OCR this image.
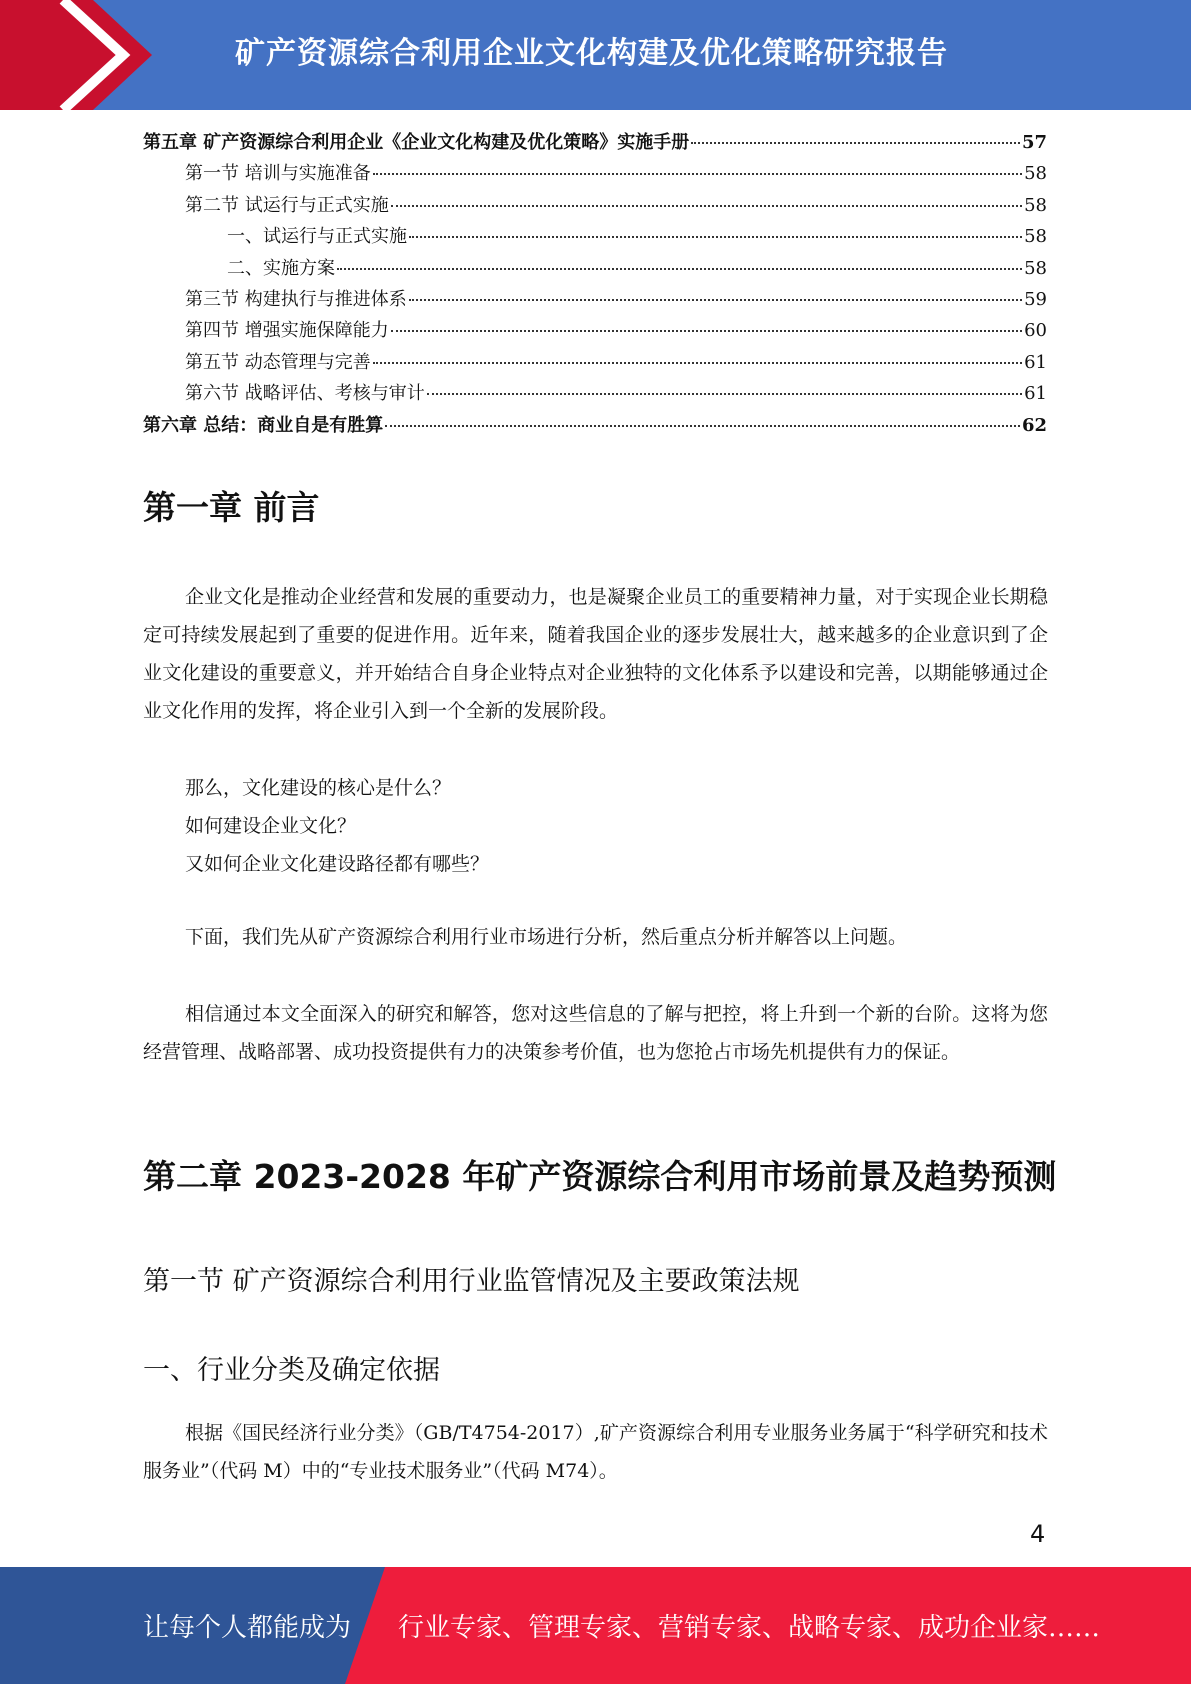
矿产资源综合利用企业文化构建及优化策略研究报告
第五章 矿产资源综合利用企业《企业文化构建及优化策略》实施手册	57
第一节 培训与实施准备	58
第二节 试运行与正式实施	58
一、试运行与正式实施	58
二、实施方案	58
第三节 构建执行与推进体系	59
第四节 增强实施保障能力	60
第五节 动态管理与完善	61
第六节 战略评估、考核与审计	61
第六章 总结：商业自是有胜算	62
第一章 前言

企业文化是推动企业经营和发展的重要动力，也是凝聚企业员工的重要精神力量，对于实现企业长期稳定可持续发展起到了重要的促进作用。近年来，随着我国企业的逐步发展壮大，越来越多的企业意识到了企业文化建设的重要意义，并开始结合自身企业特点对企业独特的文化体系予以建设和完善，以期能够通过企业文化作用的发挥，将企业引入到一个全新的发展阶段。

那么，文化建设的核心是什么？
如何建设企业文化？
又如何企业文化建设路径都有哪些？

下面，我们先从矿产资源综合利用行业市场进行分析，然后重点分析并解答以上问题。

相信通过本文全面深入的研究和解答，您对这些信息的了解与把控，将上升到一个新的台阶。这将为您经营管理、战略部署、成功投资提供有力的决策参考价值，也为您抢占市场先机提供有力的保证。

第二章 2023-2028 年矿产资源综合利用市场前景及趋势预测
第一节 矿产资源综合利用行业监管情况及主要政策法规
一、行业分类及确定依据

根据《国民经济行业分类》（GB/T4754-2017）,矿产资源综合利用专业服务业务属于“科学研究和技术服务业”（代码 M）中的“专业技术服务业”（代码 M74）。

4
让每个人都能成为 行业专家、管理专家、营销专家、战略专家、成功企业家……
